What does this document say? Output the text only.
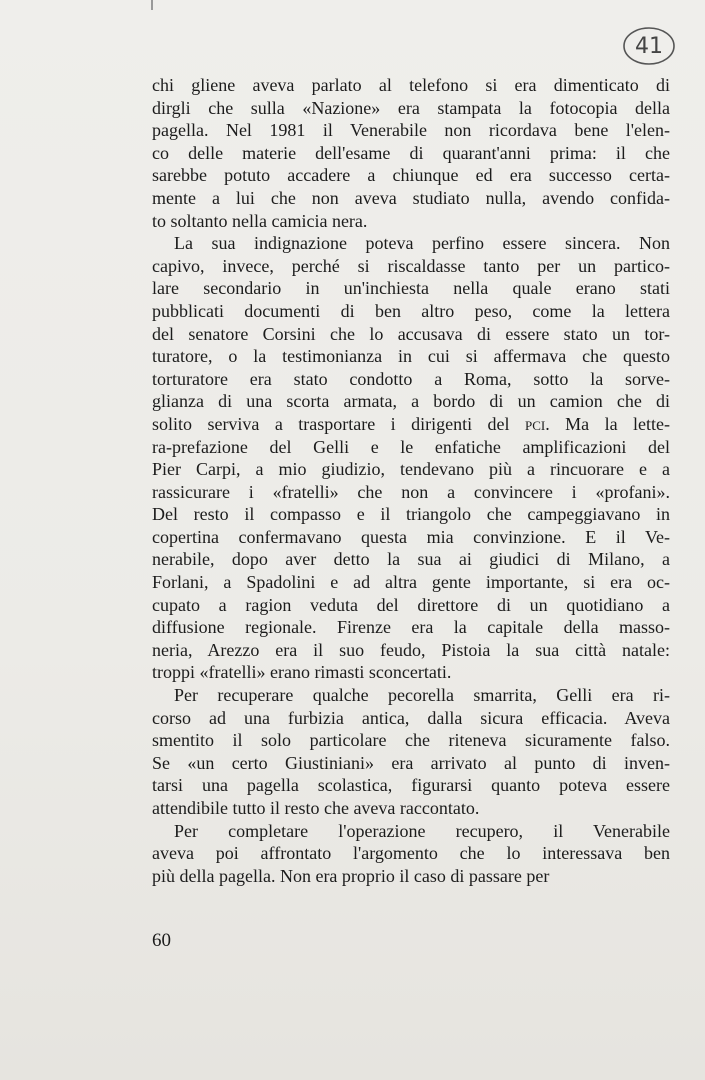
41

chi gliene aveva parlato al telefono si era dimenticato di
dirgli che sulla «Nazione» era stampata la fotocopia della
pagella. Nel 1981 il Venerabile non ricordava bene l'elen-
co delle materie dell'esame di quarant'anni prima: il che
sarebbe potuto accadere a chiunque ed era successo certa-
mente a lui che non aveva studiato nulla, avendo confida-
to soltanto nella camicia nera.

La sua indignazione poteva perfino essere sincera. Non
capivo, invece, perché si riscaldasse tanto per un partico-
lare secondario in un'inchiesta nella quale erano stati
pubblicati documenti di ben altro peso, come la lettera
del senatore Corsini che lo accusava di essere stato un tor-
turatore, o la testimonianza in cui si affermava che questo
torturatore era stato condotto a Roma, sotto la sorve-
glianza di una scorta armata, a bordo di un camion che di
solito serviva a trasportare i dirigenti del pci. Ma la lette-
ra-prefazione del Gelli e le enfatiche amplificazioni del
Pier Carpi, a mio giudizio, tendevano più a rincuorare e a
rassicurare i «fratelli» che non a convincere i «profani».
Del resto il compasso e il triangolo che campeggiavano in
copertina confermavano questa mia convinzione. E il Ve-
nerabile, dopo aver detto la sua ai giudici di Milano, a
Forlani, a Spadolini e ad altra gente importante, si era oc-
cupato a ragion veduta del direttore di un quotidiano a
diffusione regionale. Firenze era la capitale della masso-
neria, Arezzo era il suo feudo, Pistoia la sua città natale:
troppi «fratelli» erano rimasti sconcertati.

Per recuperare qualche pecorella smarrita, Gelli era ri-
corso ad una furbizia antica, dalla sicura efficacia. Aveva
smentito il solo particolare che riteneva sicuramente falso.
Se «un certo Giustiniani» era arrivato al punto di inven-
tarsi una pagella scolastica, figurarsi quanto poteva essere
attendibile tutto il resto che aveva raccontato.

Per completare l'operazione recupero, il Venerabile
aveva poi affrontato l'argomento che lo interessava ben
più della pagella. Non era proprio il caso di passare per

60
